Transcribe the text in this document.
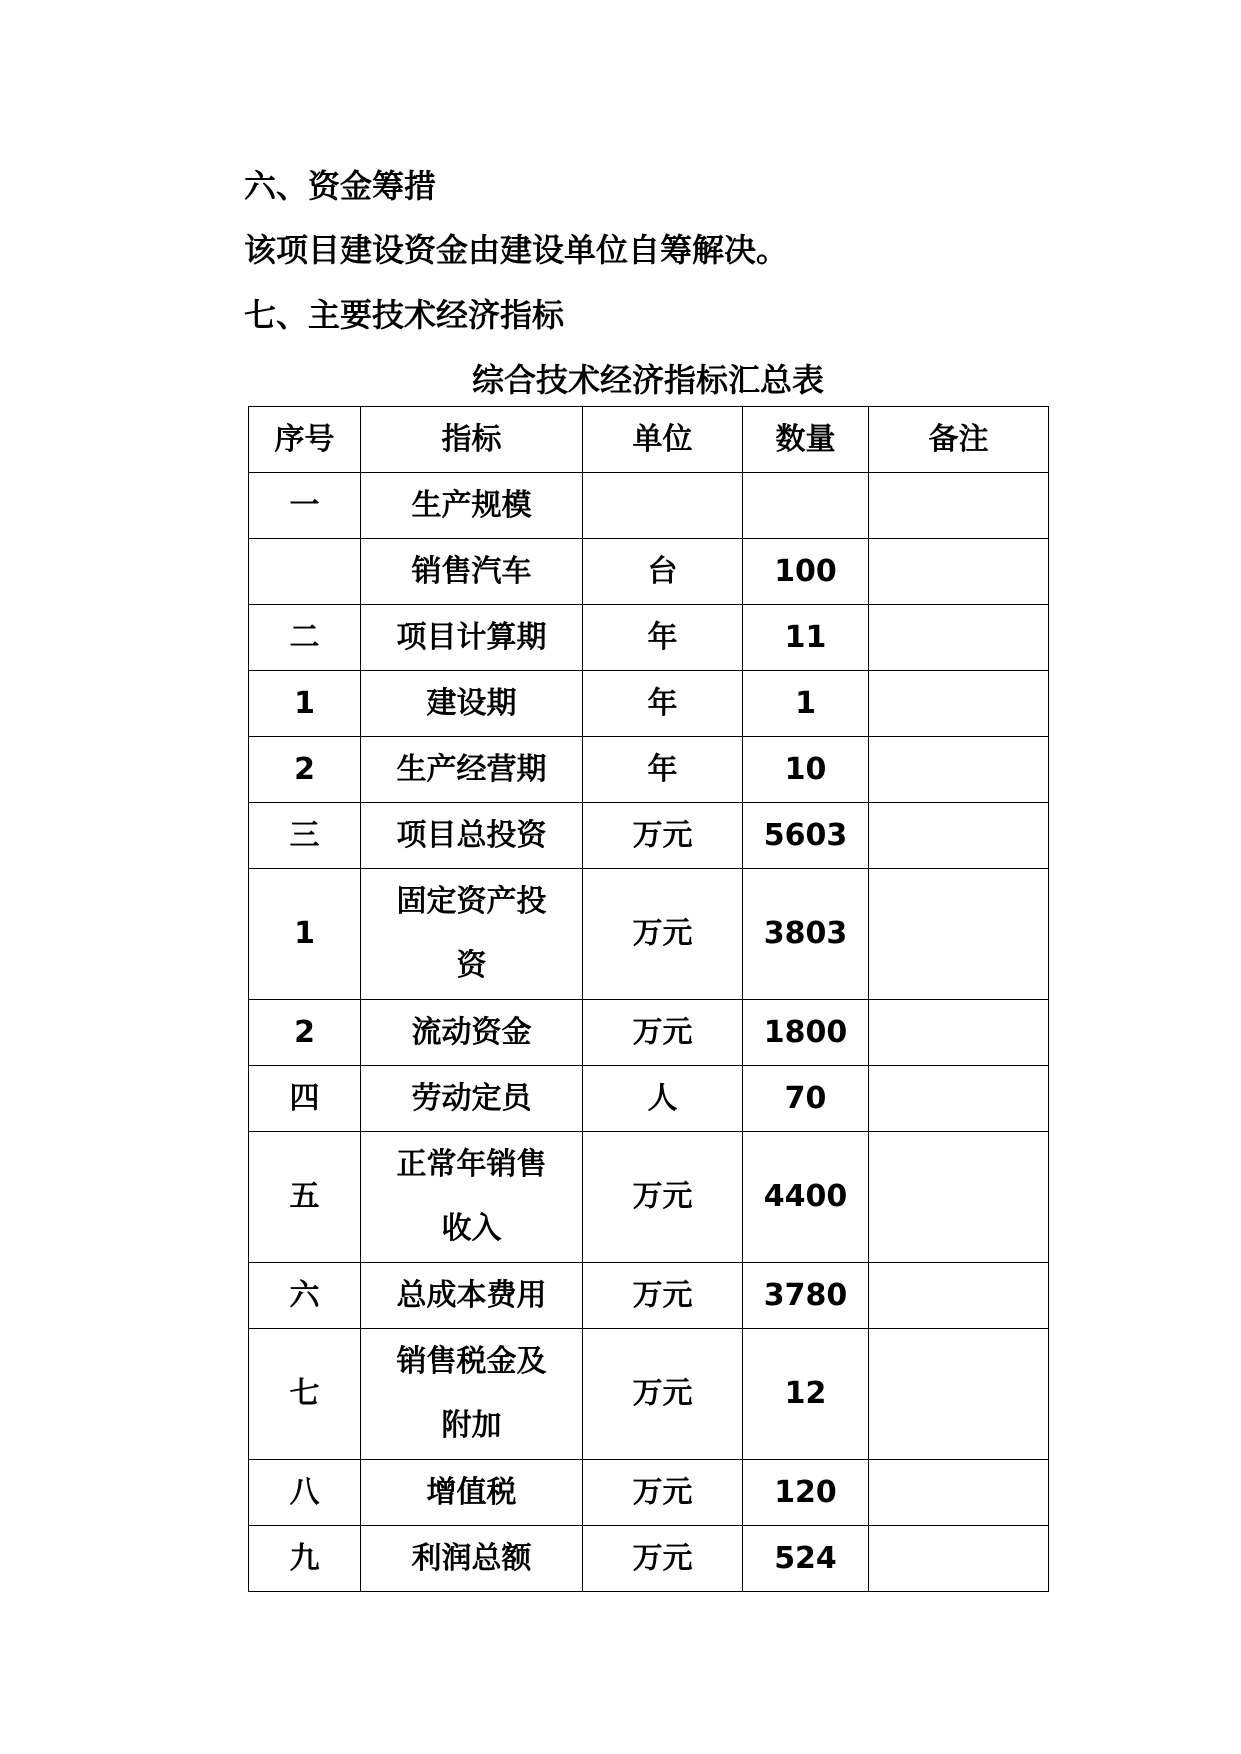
六、资金筹措
该项目建设资金由建设单位自筹解决。
七、主要技术经济指标
综合技术经济指标汇总表
序号	指标	单位	数量	备注
一	生产规模			
	销售汽车	台	100	
二	项目计算期	年	11	
1	建设期	年	1	
2	生产经营期	年	10	
三	项目总投资	万元	5603	
1	固定资产投资	万元	3803	
2	流动资金	万元	1800	
四	劳动定员	人	70	
五	正常年销售收入	万元	4400	
六	总成本费用	万元	3780	
七	销售税金及附加	万元	12	
八	增值税	万元	120	
九	利润总额	万元	524	
